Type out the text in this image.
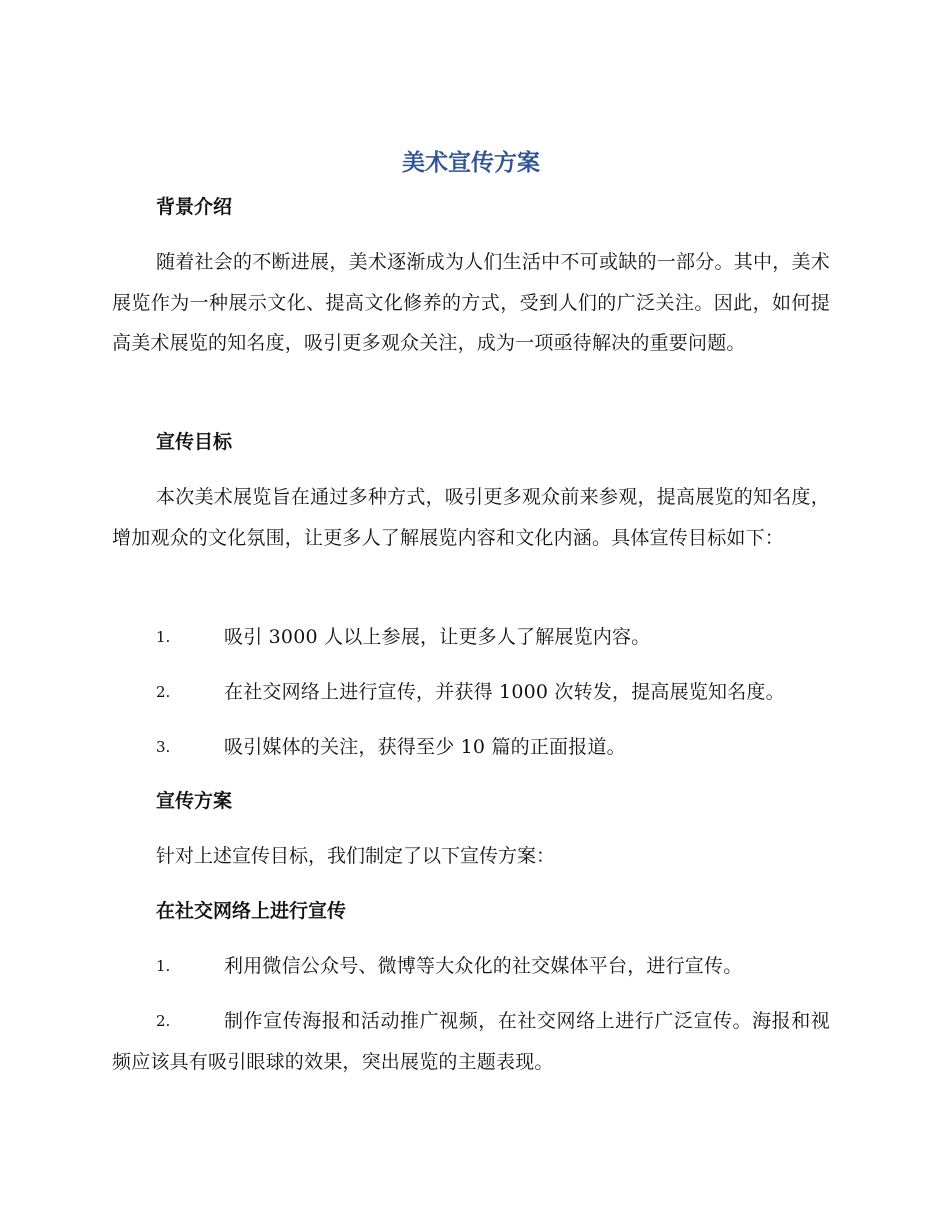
美术宣传方案
背景介绍

随着社会的不断进展，美术逐渐成为人们生活中不可或缺的一部分。其中，美术展览作为一种展示文化、提高文化修养的方式，受到人们的广泛关注。因此，如何提高美术展览的知名度，吸引更多观众关注，成为一项亟待解决的重要问题。

宣传目标

本次美术展览旨在通过多种方式，吸引更多观众前来参观，提高展览的知名度，增加观众的文化氛围，让更多人了解展览内容和文化内涵。具体宣传目标如下：

1.	吸引 3000 人以上参展，让更多人了解展览内容。
2.	在社交网络上进行宣传，并获得 1000 次转发，提高展览知名度。
3.	吸引媒体的关注，获得至少 10 篇的正面报道。
宣传方案

针对上述宣传目标，我们制定了以下宣传方案：

在社交网络上进行宣传
1.	利用微信公众号、微博等大众化的社交媒体平台，进行宣传。
2.	制作宣传海报和活动推广视频，在社交网络上进行广泛宣传。海报和视频应该具有吸引眼球的效果，突出展览的主题表现。
